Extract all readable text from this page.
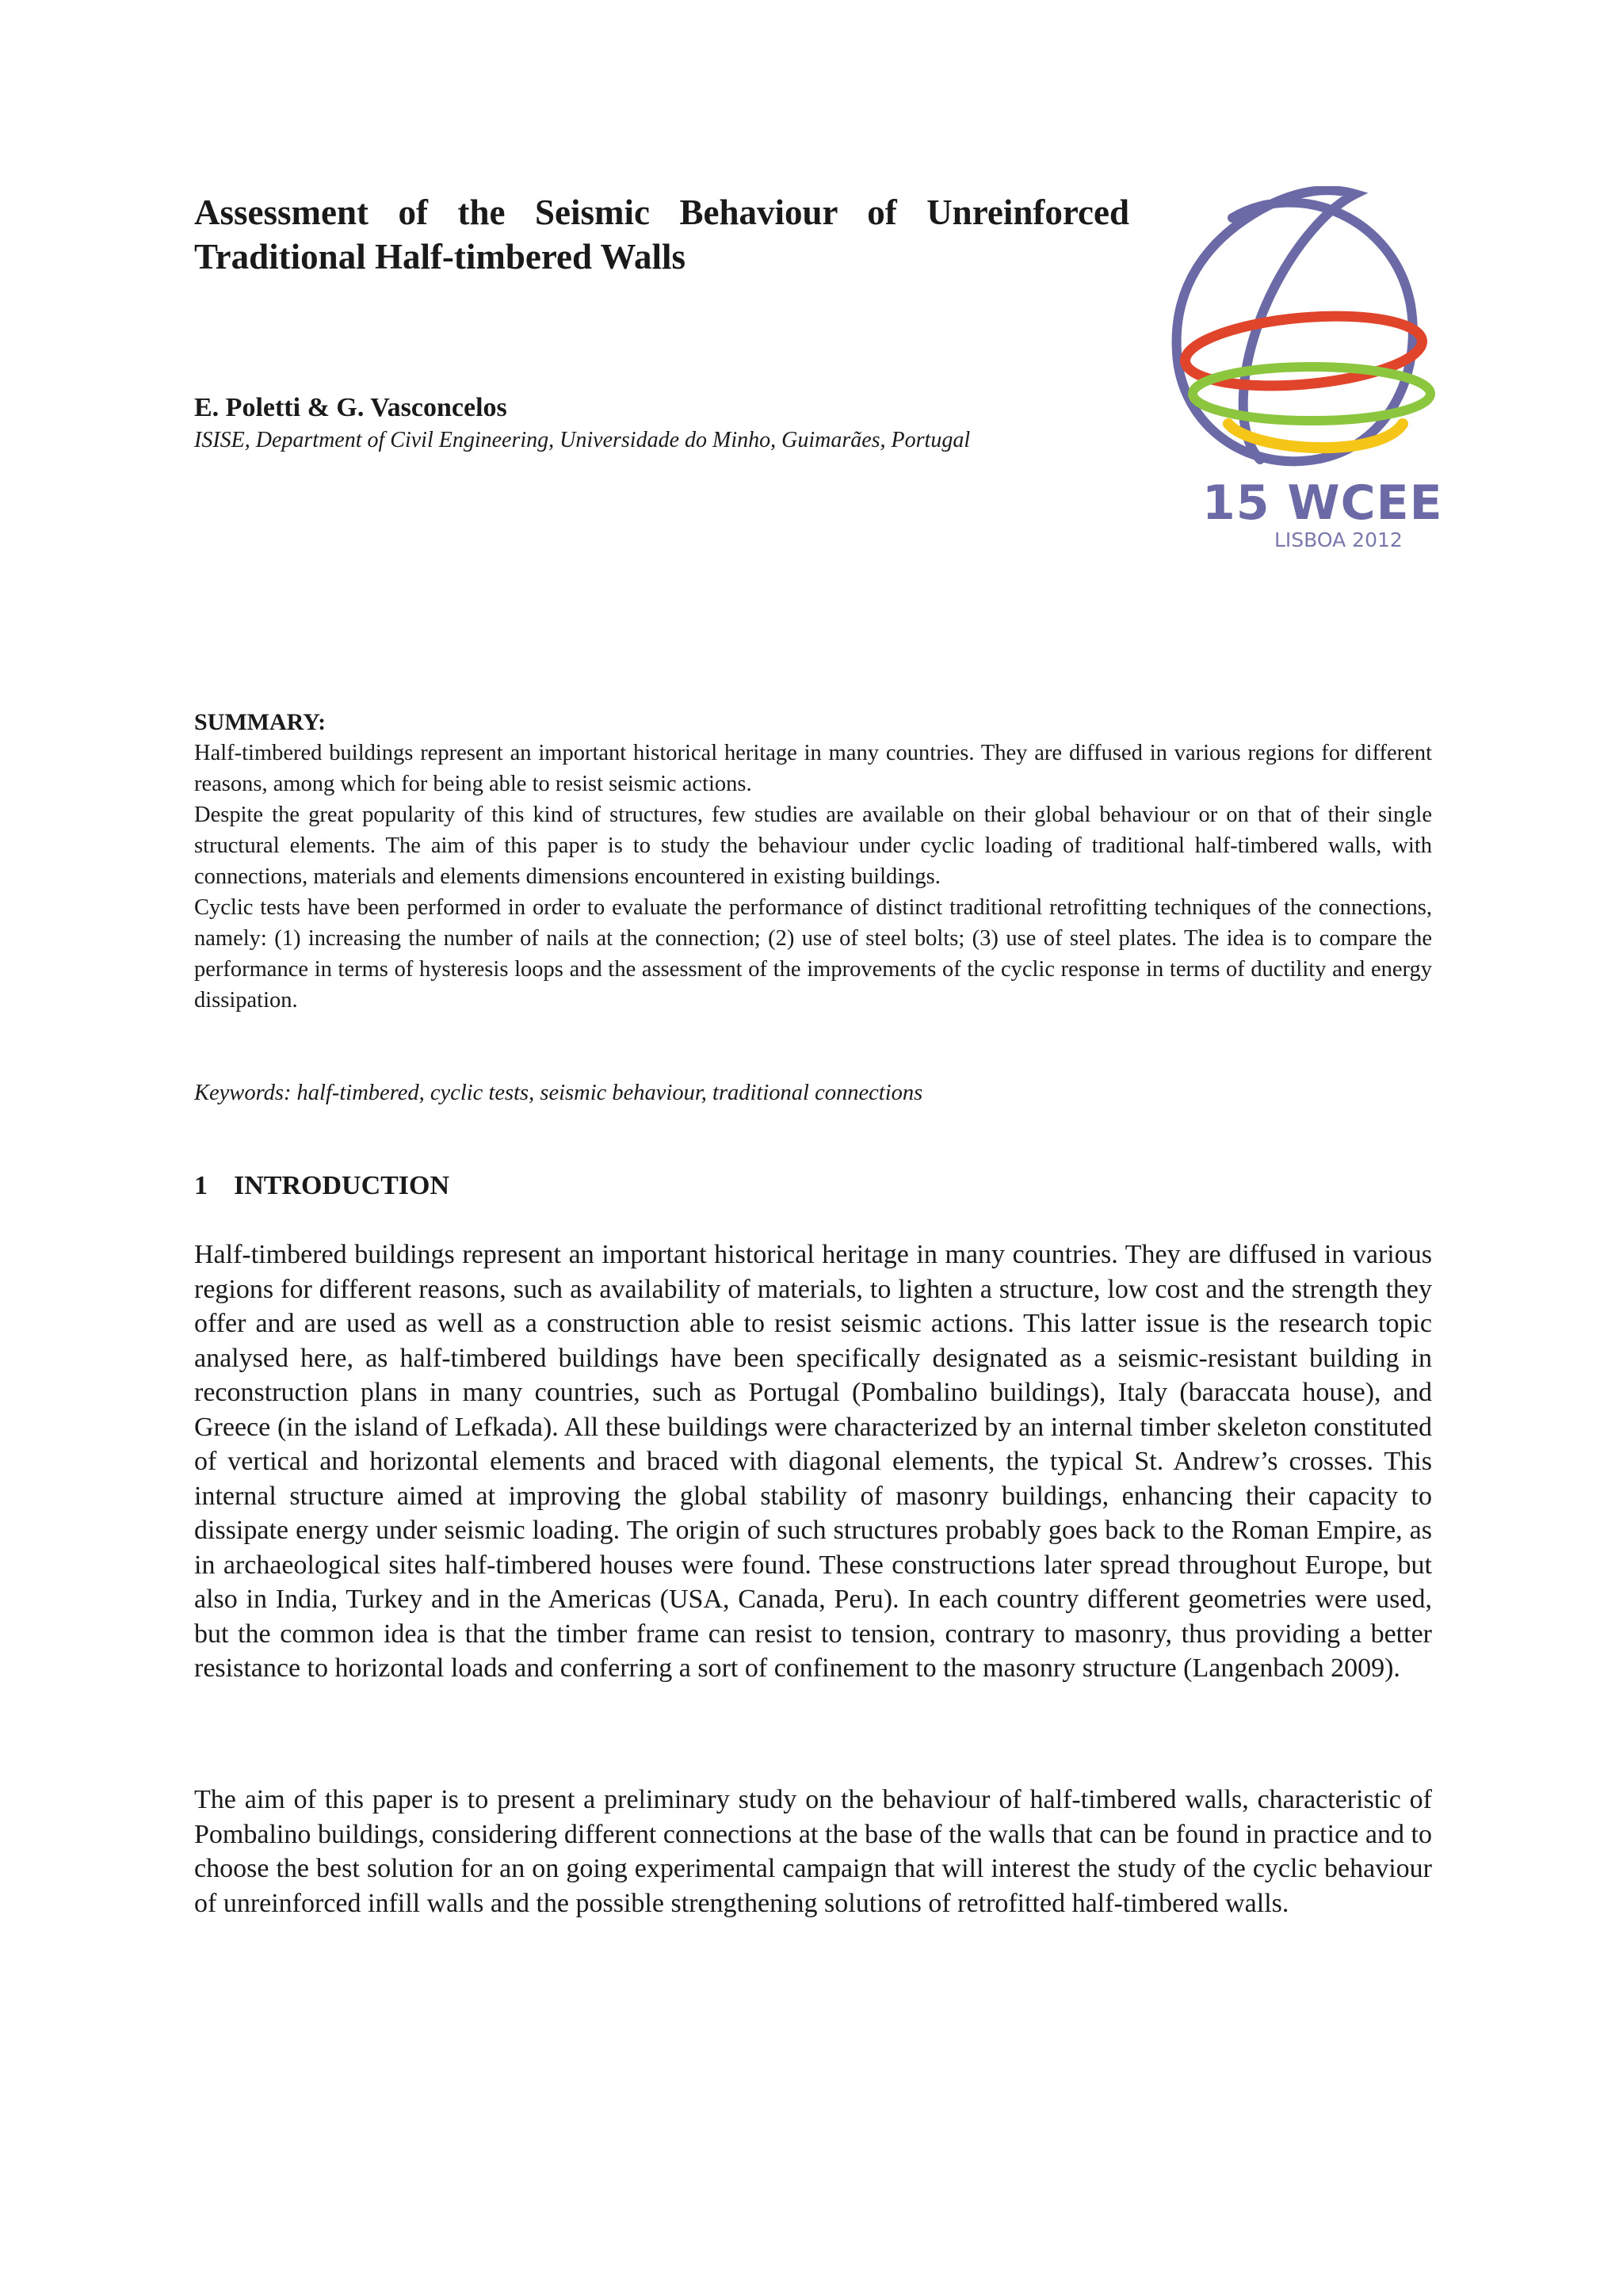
Assessment of the Seismic Behaviour of Unreinforced Traditional Half-timbered Walls

E. Poletti & G. Vasconcelos

ISISE, Department of Civil Engineering, Universidade do Minho, Guimarães, Portugal

15 WCEE

LISBOA 2012

SUMMARY:

Half-timbered buildings represent an important historical heritage in many countries. They are diffused in various regions for different reasons, among which for being able to resist seismic actions.

Despite the great popularity of this kind of structures, few studies are available on their global behaviour or on that of their single structural elements. The aim of this paper is to study the behaviour under cyclic loading of traditional half-timbered walls, with connections, materials and elements dimensions encountered in existing buildings.

Cyclic tests have been performed in order to evaluate the performance of distinct traditional retrofitting techniques of the connections, namely: (1) increasing the number of nails at the connection; (2) use of steel bolts; (3) use of steel plates. The idea is to compare the performance in terms of hysteresis loops and the assessment of the improvements of the cyclic response in terms of ductility and energy dissipation.

Keywords: half-timbered, cyclic tests, seismic behaviour, traditional connections

1 INTRODUCTION

Half-timbered buildings represent an important historical heritage in many countries. They are diffused in various regions for different reasons, such as availability of materials, to lighten a structure, low cost and the strength they offer and are used as well as a construction able to resist seismic actions. This latter issue is the research topic analysed here, as half-timbered buildings have been specifically designated as a seismic-resistant building in reconstruction plans in many countries, such as Portugal (Pombalino buildings), Italy (baraccata house), and Greece (in the island of Lefkada). All these buildings were characterized by an internal timber skeleton constituted of vertical and horizontal elements and braced with diagonal elements, the typical St. Andrew’s crosses. This internal structure aimed at improving the global stability of masonry buildings, enhancing their capacity to dissipate energy under seismic loading. The origin of such structures probably goes back to the Roman Empire, as in archaeological sites half-timbered houses were found. These constructions later spread throughout Europe, but also in India, Turkey and in the Americas (USA, Canada, Peru). In each country different geometries were used, but the common idea is that the timber frame can resist to tension, contrary to masonry, thus providing a better resistance to horizontal loads and conferring a sort of confinement to the masonry structure (Langenbach 2009).

The aim of this paper is to present a preliminary study on the behaviour of half-timbered walls, characteristic of Pombalino buildings, considering different connections at the base of the walls that can be found in practice and to choose the best solution for an on going experimental campaign that will interest the study of the cyclic behaviour of unreinforced infill walls and the possible strengthening solutions of retrofitted half-timbered walls.
